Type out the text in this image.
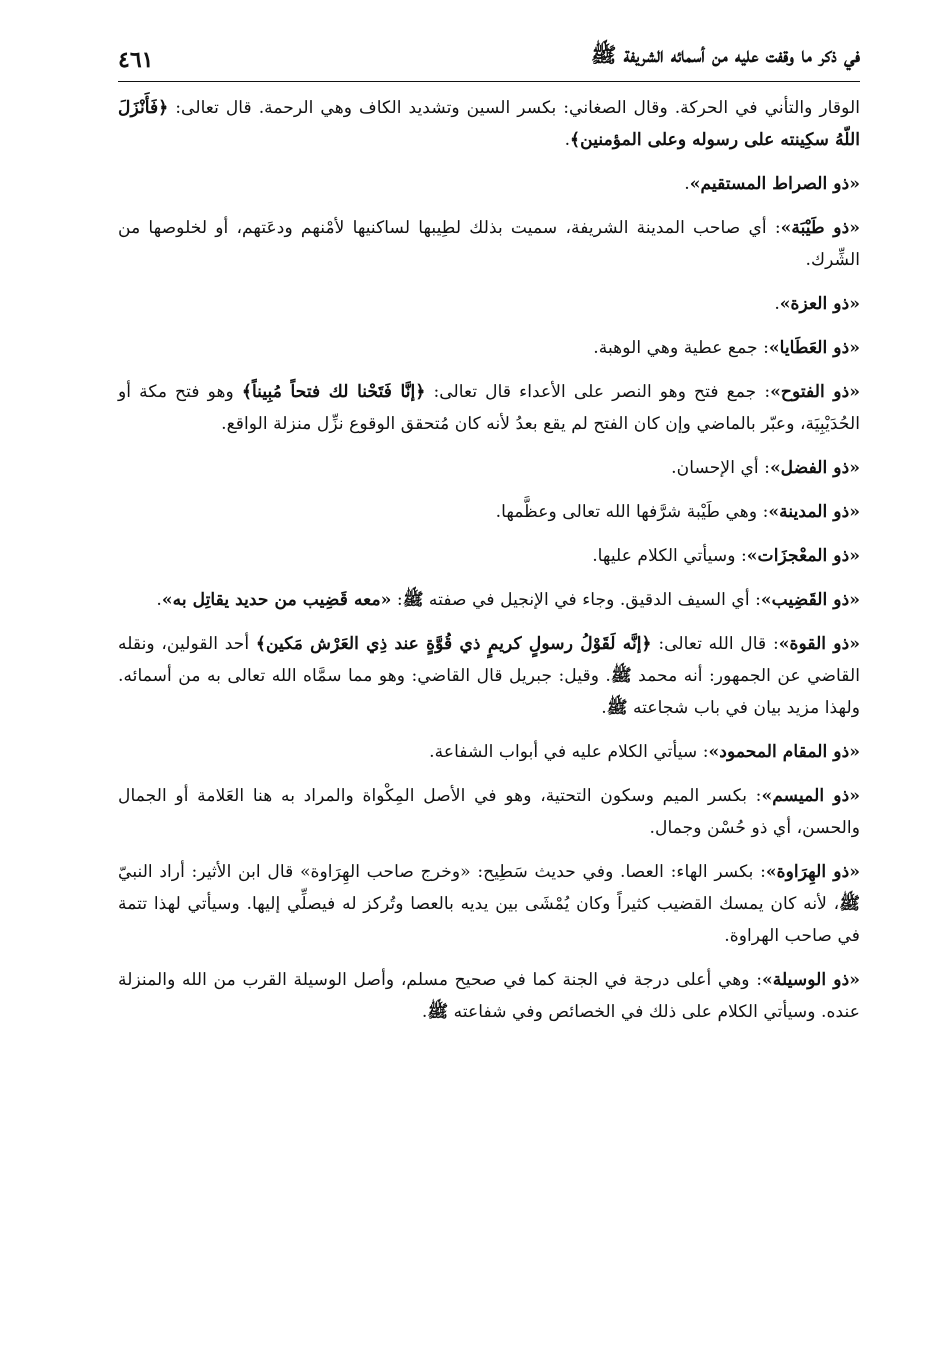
في ذكر ما وقفت عليه من أسمائه الشريفة ﷺ
٤٦١

الوقار والتأني في الحركة. وقال الصغاني: بكسر السين وتشديد الكاف وهي الرحمة. قال تعالى: ﴿فَأَنْزَلَ اللّهُ سكِينته على رسوله وعلى المؤمنين﴾.

«ذو الصراط المستقيم».

«ذو طَيْبَة»: أي صاحب المدينة الشريفة، سميت بذلك لطِيبها لساكنيها لأمْنهم ودعَتهم، أو لخلوصها من الشِّرك.

«ذو العزة».

«ذو العَطَايا»: جمع عطية وهي الوهبة.

«ذو الفتوح»: جمع فتح وهو النصر على الأعداء قال تعالى: ﴿إنَّا فَتَحْنا لك فتحاً مُبِيناً﴾ وهو فتح مكة أو الحُدَيْبِيَة، وعبّر بالماضي وإن كان الفتح لم يقع بعدُ لأنه كان مُتحقق الوقوع نزِّل منزلة الواقع.

«ذو الفضل»: أي الإحسان.

«ذو المدينة»: وهي طَيْبة شرَّفها الله تعالى وعظَّمها.

«ذو المعْجزَات»: وسيأتي الكلام عليها.

«ذو القَضِيب»: أي السيف الدقيق. وجاء في الإنجيل في صفته ﷺ: «معه قَضِيب من حديد يقاتِل به».

«ذو القوة»: قال الله تعالى: ﴿إنَّه لَقَوْلُ رسولٍ كريمٍ ذي قُوَّةٍ عند ذِي العَرْش مَكين﴾ أحد القولين، ونقله القاضي عن الجمهور: أنه محمد ﷺ. وقيل: جبريل قال القاضي: وهو مما سمَّاه الله تعالى به من أسمائه. ولهذا مزيد بيان في باب شجاعته ﷺ.

«ذو المقام المحمود»: سيأتي الكلام عليه في أبواب الشفاعة.

«ذو الميسم»: بكسر الميم وسكون التحتية، وهو في الأصل المِكْواة والمراد به هنا العَلامة أو الجمال والحسن، أي ذو حُسْن وجمال.

«ذو الهِرَاوة»: بكسر الهاء: العصا. وفي حديث سَطِيح: «وخرج صاحب الهِرَاوة» قال ابن الأثير: أراد النبيّ ﷺ، لأنه كان يمسك القضيب كثيراً وكان يُمْشَى بين يديه بالعصا وتُركز له فيصلِّي إليها. وسيأتي لهذا تتمة في صاحب الهراوة.

«ذو الوسيلة»: وهي أعلى درجة في الجنة كما في صحيح مسلم، وأصل الوسيلة القرب من الله والمنزلة عنده. وسيأتي الكلام على ذلك في الخصائص وفي شفاعته ﷺ.
